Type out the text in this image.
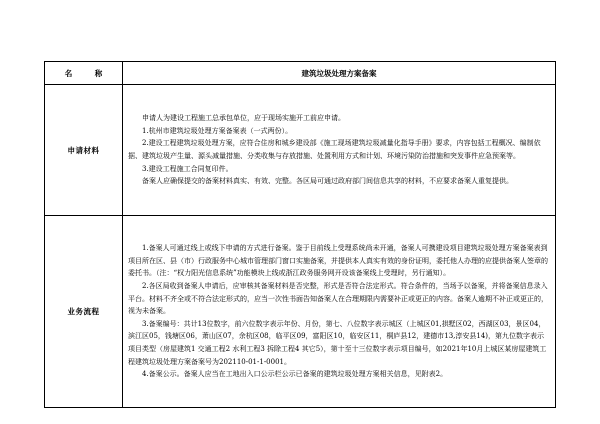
名 称	建筑垃圾处理方案备案
申请材料	申请人为建设工程施工总承包单位，应于现场实施开工前应申请。

1.杭州市建筑垃圾处理方案备案表（一式两份）。

2.建设工程建筑垃圾处理方案，应符合住房和城乡建设部《施工现场建筑垃圾减量化指导手册》要求，内容包括工程概况、编制依据、建筑垃圾产生量、源头减量措施、分类收集与存放措施、处置利用方式和计划、环境污染防治措施和突发事件应急预案等。

3.建设工程施工合同复印件。

备案人应确保提交的备案材料真实、有效、完整。各区局可通过政府部门间信息共享的材料，不应要求备案人重复提供。

业务流程	1.备案人可通过线上或线下申请的方式进行备案。鉴于目前线上受理系统尚未开通，备案人可携建设项目建筑垃圾处理方案备案表到项目所在区、县（市）行政服务中心城市管理部门窗口实施备案，并提供本人真实有效的身份证明，委托他人办理的应提供备案人签章的委托书。（注：“权力阳光信息系统”功能模块上线或浙江政务服务网开设该备案线上受理时，另行通知）。

2.各区局收到备案人申请后，应审核其备案材料是否完整，形式是否符合法定形式。符合条件的，当场予以备案，并将备案信息录入平台。材料不齐全或不符合法定形式的，应当一次性书面告知备案人在合理期限内需要补正或更正的内容。备案人逾期不补正或更正的，视为未备案。

3.备案编号：共计13位数字，前六位数字表示年份、月份，第七、八位数字表示城区（上城区01,拱墅区02，西湖区03，景区04，滨江区05，钱塘区06，萧山区07，余杭区08，临平区09，富阳区10，临安区11，桐庐县12，建德市13,淳安县14)，第九位数字表示项目类型（房屋建筑1 交通工程2 水利工程3 拆除工程4 其它5），第十至十三位数字表示项目编号，如2021年10月上城区某房屋建筑工程建筑垃圾处理方案备案号为202110-01-1-0001。

4.备案公示。备案人应当在工地出入口公示栏公示已备案的建筑垃圾处理方案相关信息，见附表2。
